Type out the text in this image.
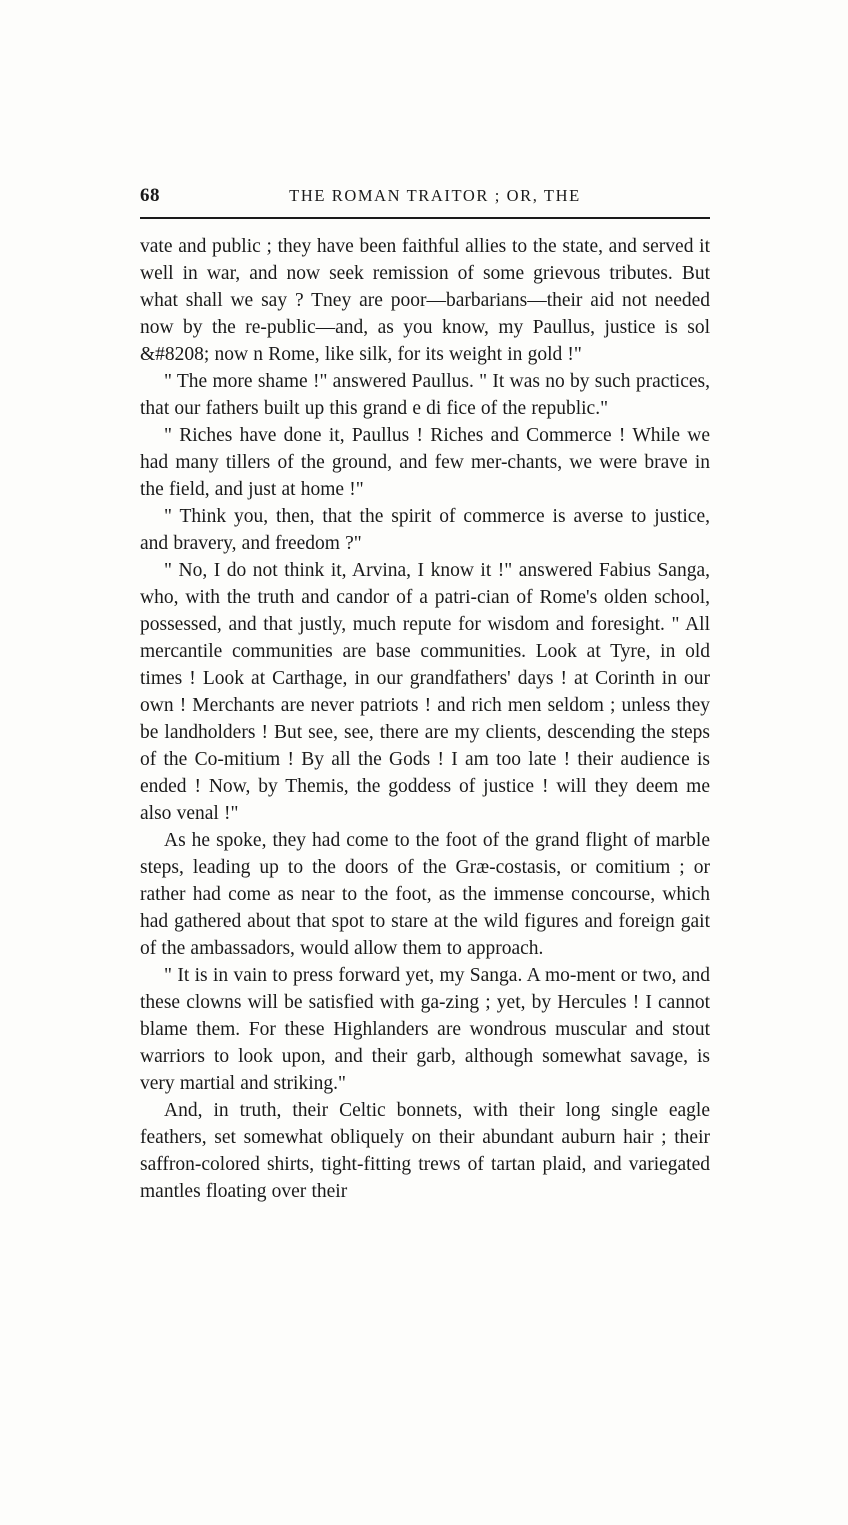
68	THE ROMAN TRAITOR ; OR, THE

vate and public ; they have been faithful allies to the state, and served it well in war, and now seek remission of some grievous tributes. But what shall we say ? Tney are poor—barbarians—their aid not needed now by the re-public—and, as you know, my Paullus, justice is sol &#8208; now n Rome, like silk, for its weight in gold !"

" The more shame !" answered Paullus. " It was no by such practices, that our fathers built up this grand e di fice of the republic."

" Riches have done it, Paullus ! Riches and Commerce ! While we had many tillers of the ground, and few mer-chants, we were brave in the field, and just at home !"

" Think you, then, that the spirit of commerce is averse to justice, and bravery, and freedom ?"

" No, I do not think it, Arvina, I know it !" answered Fabius Sanga, who, with the truth and candor of a patri-cian of Rome's olden school, possessed, and that justly, much repute for wisdom and foresight. " All mercantile communities are base communities. Look at Tyre, in old times ! Look at Carthage, in our grandfathers' days ! at Corinth in our own ! Merchants are never patriots ! and rich men seldom ; unless they be landholders ! But see, see, there are my clients, descending the steps of the Co-mitium ! By all the Gods ! I am too late ! their audience is ended ! Now, by Themis, the goddess of justice ! will they deem me also venal !"

As he spoke, they had come to the foot of the grand flight of marble steps, leading up to the doors of the Græ-costasis, or comitium ; or rather had come as near to the foot, as the immense concourse, which had gathered about that spot to stare at the wild figures and foreign gait of the ambassadors, would allow them to approach.

" It is in vain to press forward yet, my Sanga. A mo-ment or two, and these clowns will be satisfied with ga-zing ; yet, by Hercules ! I cannot blame them. For these Highlanders are wondrous muscular and stout warriors to look upon, and their garb, although somewhat savage, is very martial and striking."

And, in truth, their Celtic bonnets, with their long single eagle feathers, set somewhat obliquely on their abundant auburn hair ; their saffron-colored shirts, tight-fitting trews of tartan plaid, and variegated mantles floating over their
